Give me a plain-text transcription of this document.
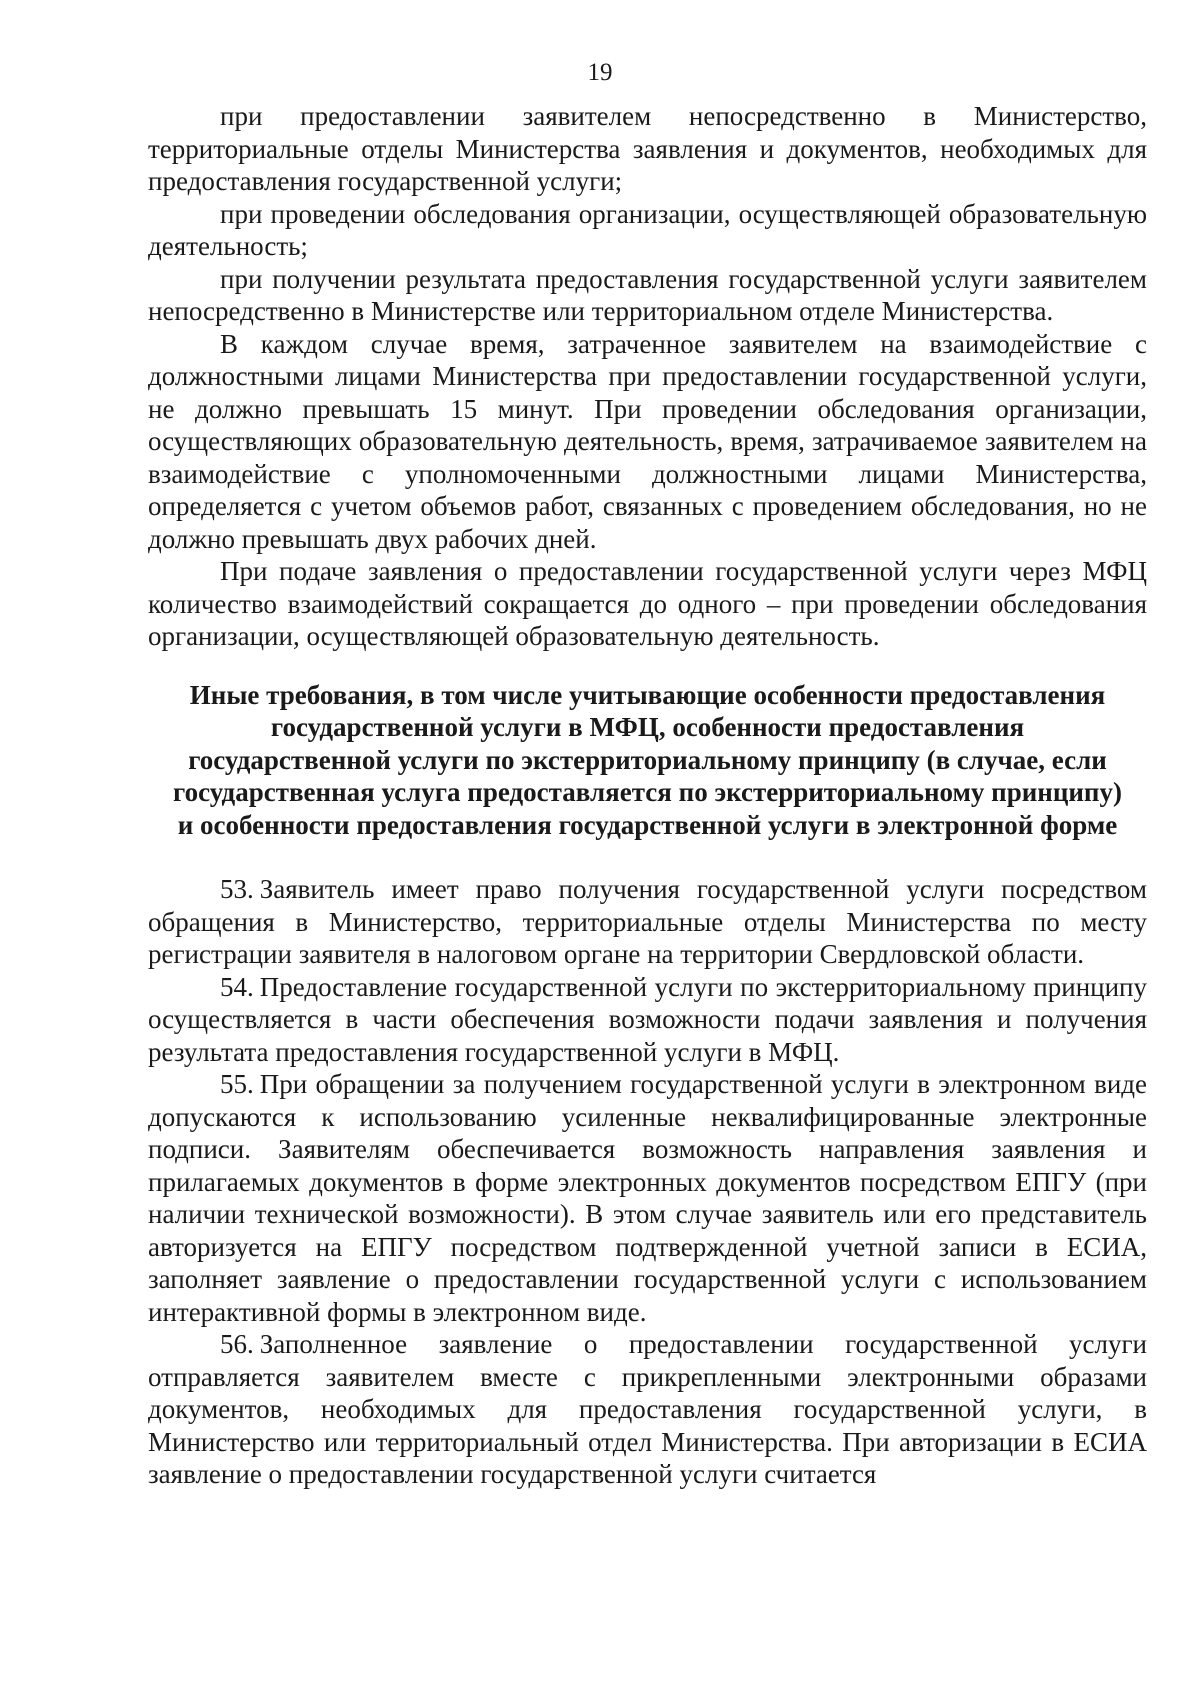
19

при предоставлении заявителем непосредственно в Министерство, территориальные отделы Министерства заявления и документов, необходимых для предоставления государственной услуги;

при проведении обследования организации, осуществляющей образовательную деятельность;

при получении результата предоставления государственной услуги заявителем непосредственно в Министерстве или территориальном отделе Министерства.

В каждом случае время, затраченное заявителем на взаимодействие с должностными лицами Министерства при предоставлении государственной услуги, не должно превышать 15 минут. При проведении обследования организации, осуществляющих образовательную деятельность, время, затрачиваемое заявителем на взаимодействие с уполномоченными должностными лицами Министерства, определяется с учетом объемов работ, связанных с проведением обследования, но не должно превышать двух рабочих дней.

При подаче заявления о предоставлении государственной услуги через МФЦ количество взаимодействий сокращается до одного – при проведении обследования организации, осуществляющей образовательную деятельность.

Иные требования, в том числе учитывающие особенности предоставления
государственной услуги в МФЦ, особенности предоставления
государственной услуги по экстерриториальному принципу (в случае, если
государственная услуга предоставляется по экстерриториальному принципу)
и особенности предоставления государственной услуги в электронной форме

53. Заявитель имеет право получения государственной услуги посредством обращения в Министерство, территориальные отделы Министерства по месту регистрации заявителя в налоговом органе на территории Свердловской области.

54. Предоставление государственной услуги по экстерриториальному принципу осуществляется в части обеспечения возможности подачи заявления и получения результата предоставления государственной услуги в МФЦ.

55. При обращении за получением государственной услуги в электронном виде допускаются к использованию усиленные неквалифицированные электронные подписи. Заявителям обеспечивается возможность направления заявления и прилагаемых документов в форме электронных документов посредством ЕПГУ (при наличии технической возможности). В этом случае заявитель или его представитель авторизуется на ЕПГУ посредством подтвержденной учетной записи в ЕСИА, заполняет заявление о предоставлении государственной услуги с использованием интерактивной формы в электронном виде.

56. Заполненное заявление о предоставлении государственной услуги отправляется заявителем вместе с прикрепленными электронными образами документов, необходимых для предоставления государственной услуги, в Министерство или территориальный отдел Министерства. При авторизации в ЕСИА заявление о предоставлении государственной услуги считается
